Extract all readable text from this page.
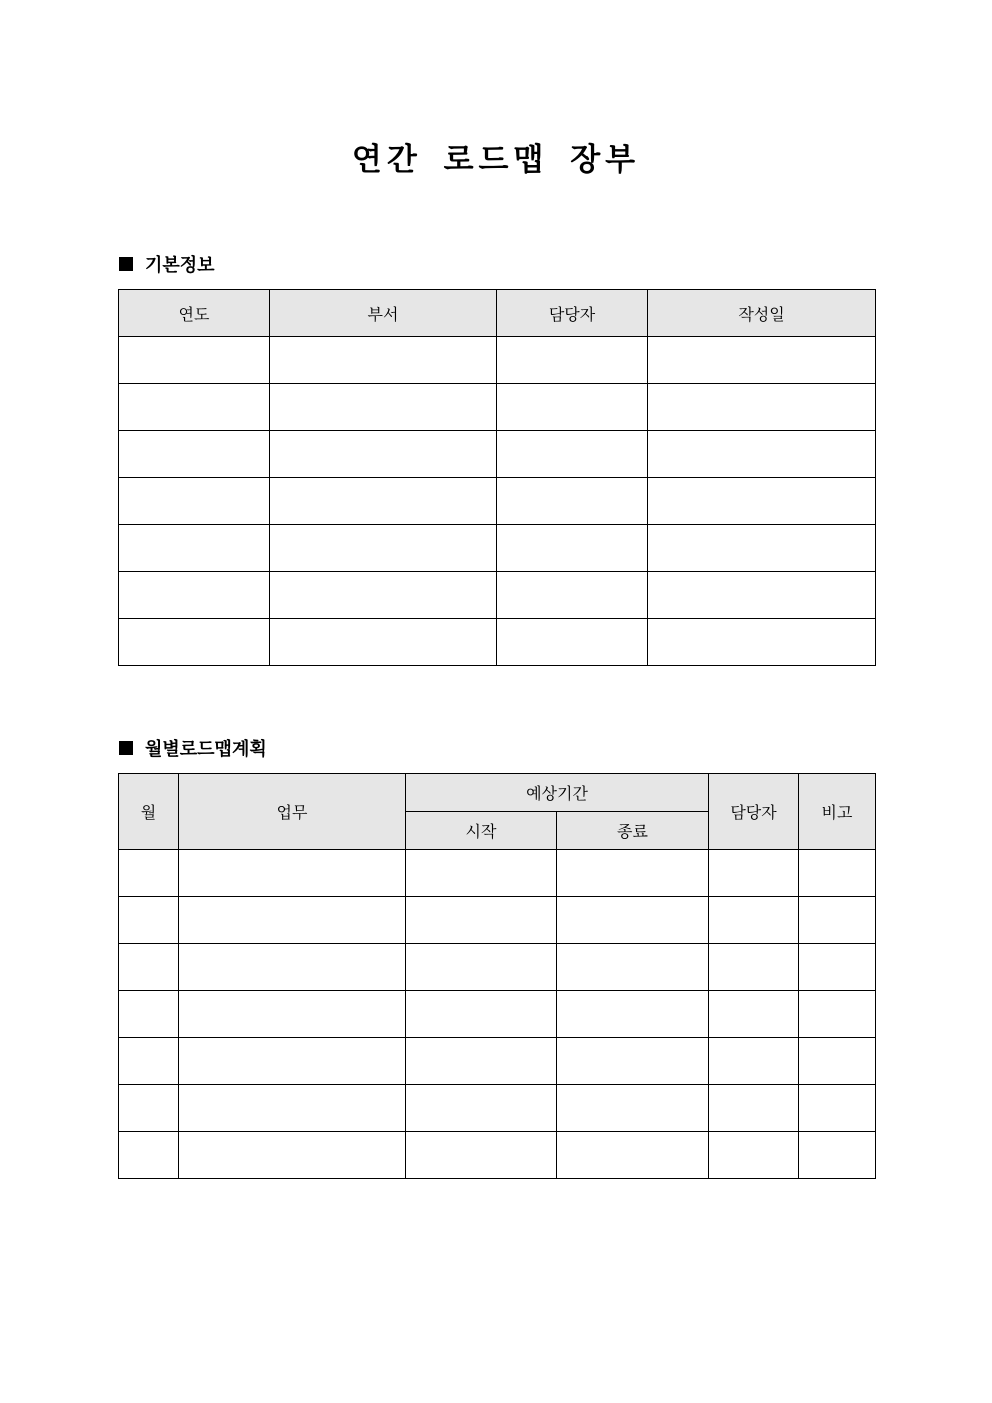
연간 로드맵 장부
기본정보
연도	부서	담당자	작성일

월별로드맵계획
월	업무	예상기간		담당자	비고
		시작	종료		
